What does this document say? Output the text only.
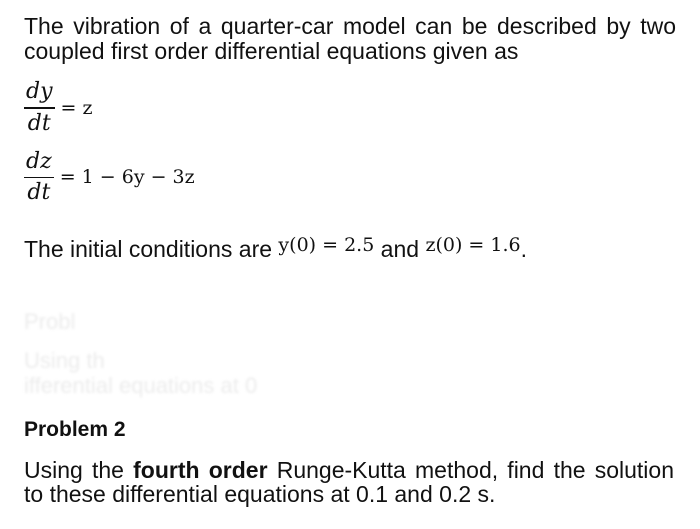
The vibration of a quarter-car model can be described by two coupled first order differential equations given as

$\frac{dy}{dt} = z$
$\frac{dz}{dt} = 1 - 6y - 3z$
The initial conditions are $^{y(0) = 2.5}$ and $^{z(0) = 1.6}$.
Probl
Using th
ifferential equations at 0

Problem 2

Using the fourth order Runge-Kutta method, find the solution to these differential equations at 0.1 and 0.2 s.
